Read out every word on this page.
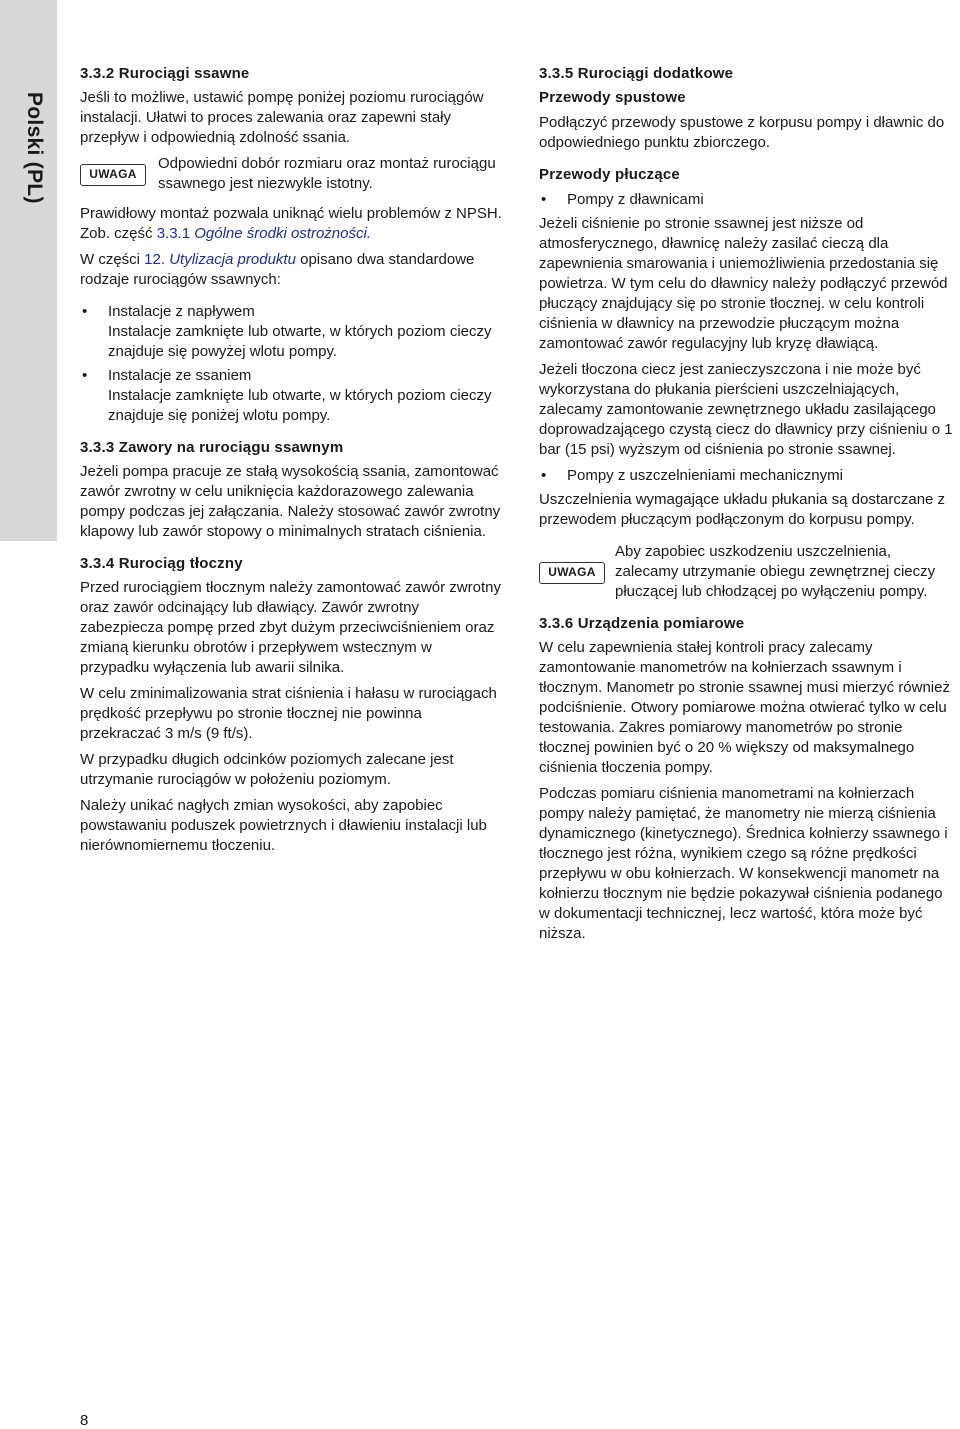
Polski (PL)
3.3.2 Rurociągi ssawne

Jeśli to możliwe, ustawić pompę poniżej poziomu rurociągów instalacji. Ułatwi to proces zalewania oraz zapewni stały przepływ i odpowiednią zdolność ssania.

UWAGA
Odpowiedni dobór rozmiaru oraz montaż rurociągu ssawnego jest niezwykle istotny.

Prawidłowy montaż pozwala uniknąć wielu problemów z NPSH. Zob. część 3.3.1 Ogólne środki ostrożności.

W części 12. Utylizacja produktu opisano dwa standardowe rodzaje rurociągów ssawnych:

• Instalacje z napływem
Instalacje zamknięte lub otwarte, w których poziom cieczy znajduje się powyżej wlotu pompy.
• Instalacje ze ssaniem
Instalacje zamknięte lub otwarte, w których poziom cieczy znajduje się poniżej wlotu pompy.
3.3.3 Zawory na rurociągu ssawnym

Jeżeli pompa pracuje ze stałą wysokością ssania, zamontować zawór zwrotny w celu uniknięcia każdorazowego zalewania pompy podczas jej załączania. Należy stosować zawór zwrotny klapowy lub zawór stopowy o minimalnych stratach ciśnienia.

3.3.4 Rurociąg tłoczny

Przed rurociągiem tłocznym należy zamontować zawór zwrotny oraz zawór odcinający lub dławiący. Zawór zwrotny zabezpiecza pompę przed zbyt dużym przeciwciśnieniem oraz zmianą kierunku obrotów i przepływem wstecznym w przypadku wyłączenia lub awarii silnika.

W celu zminimalizowania strat ciśnienia i hałasu w rurociągach prędkość przepływu po stronie tłocznej nie powinna przekraczać 3 m/s (9 ft/s).

W przypadku długich odcinków poziomych zalecane jest utrzymanie rurociągów w położeniu poziomym.

Należy unikać nagłych zmian wysokości, aby zapobiec powstawaniu poduszek powietrznych i dławieniu instalacji lub nierównomiernemu tłoczeniu.

3.3.5 Rurociągi dodatkowe
Przewody spustowe

Podłączyć przewody spustowe z korpusu pompy i dławnic do odpowiedniego punktu zbiorczego.

Przewody płuczące
• Pompy z dławnicami

Jeżeli ciśnienie po stronie ssawnej jest niższe od atmosferycznego, dławnicę należy zasilać cieczą dla zapewnienia smarowania i uniemożliwienia przedostania się powietrza. W tym celu do dławnicy należy podłączyć przewód płuczący znajdujący się po stronie tłocznej. w celu kontroli ciśnienia w dławnicy na przewodzie płuczącym można zamontować zawór regulacyjny lub kryzę dławiącą.

Jeżeli tłoczona ciecz jest zanieczyszczona i nie może być wykorzystana do płukania pierścieni uszczelniających, zalecamy zamontowanie zewnętrznego układu zasilającego doprowadzającego czystą ciecz do dławnicy przy ciśnieniu o 1 bar (15 psi) wyższym od ciśnienia po stronie ssawnej.

• Pompy z uszczelnieniami mechanicznymi

Uszczelnienia wymagające układu płukania są dostarczane z przewodem płuczącym podłączonym do korpusu pompy.

UWAGA
Aby zapobiec uszkodzeniu uszczelnienia, zalecamy utrzymanie obiegu zewnętrznej cieczy płuczącej lub chłodzącej po wyłączeniu pompy.
3.3.6 Urządzenia pomiarowe

W celu zapewnienia stałej kontroli pracy zalecamy zamontowanie manometrów na kołnierzach ssawnym i tłocznym. Manometr po stronie ssawnej musi mierzyć również podciśnienie. Otwory pomiarowe można otwierać tylko w celu testowania. Zakres pomiarowy manometrów po stronie tłocznej powinien być o 20 % większy od maksymalnego ciśnienia tłoczenia pompy.

Podczas pomiaru ciśnienia manometrami na kołnierzach pompy należy pamiętać, że manometry nie mierzą ciśnienia dynamicznego (kinetycznego). Średnica kołnierzy ssawnego i tłocznego jest różna, wynikiem czego są różne prędkości przepływu w obu kołnierzach. W konsekwencji manometr na kołnierzu tłocznym nie będzie pokazywał ciśnienia podanego w dokumentacji technicznej, lecz wartość, która może być niższa.

8
